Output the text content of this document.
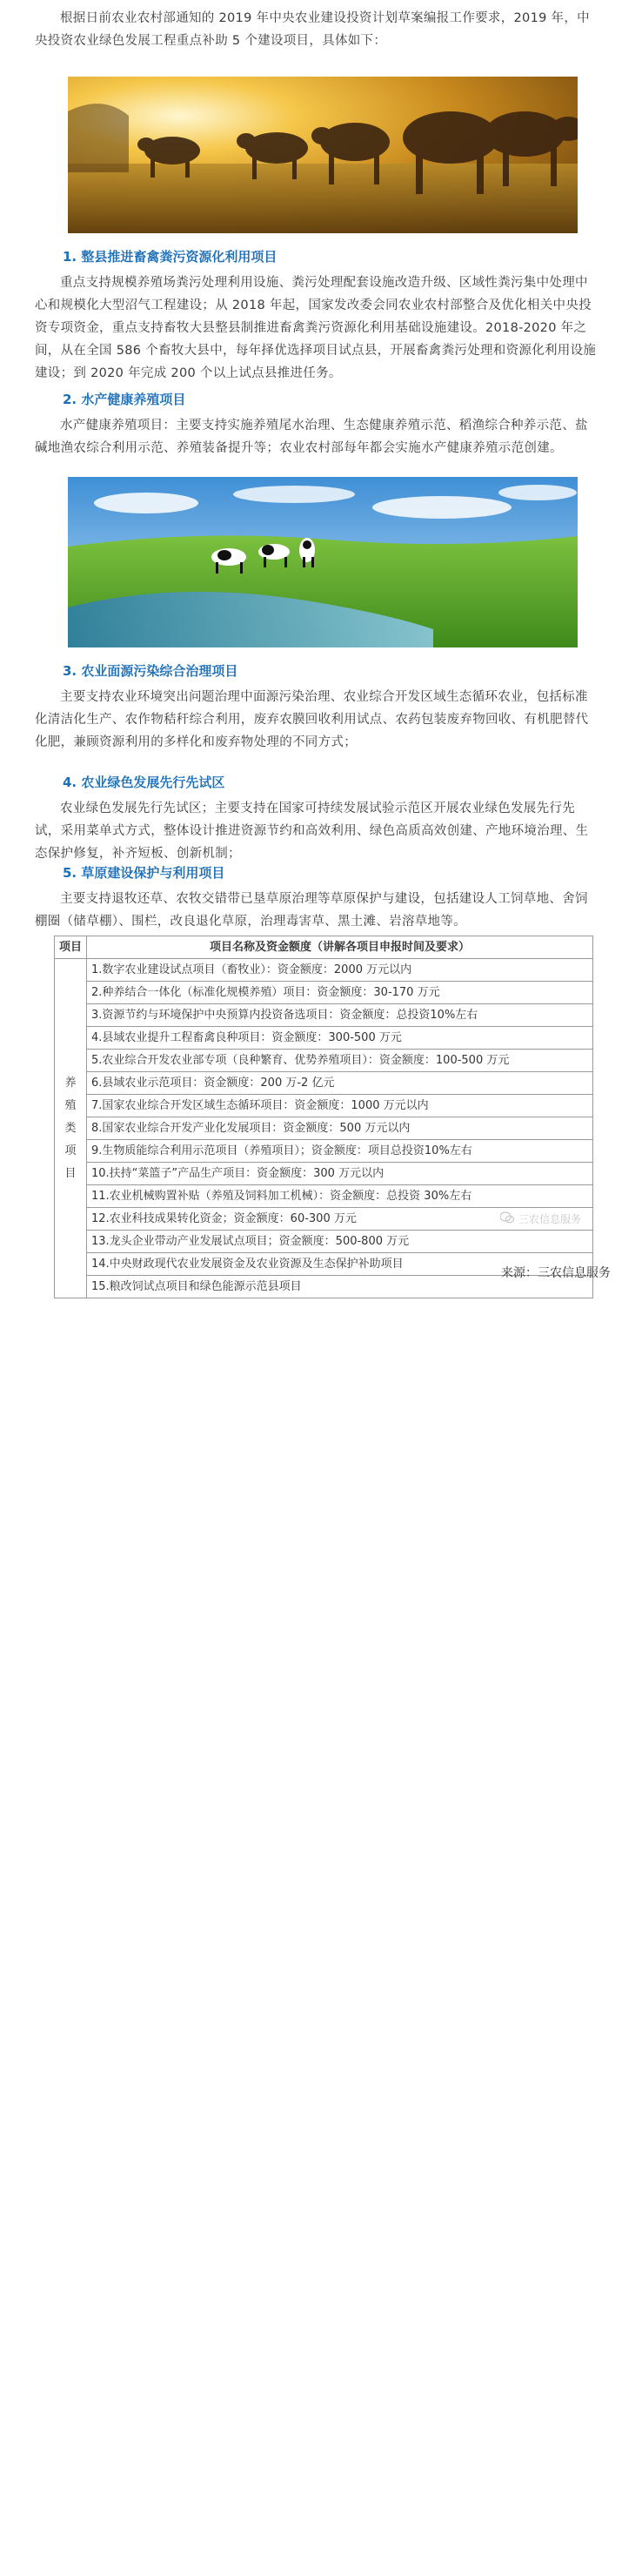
根据日前农业农村部通知的 2019 年中央农业建设投资计划草案编报工作要求，2019 年，中央投资农业绿色发展工程重点补助 5 个建设项目，具体如下：

1. 整县推进畜禽粪污资源化利用项目

重点支持规模养殖场粪污处理利用设施、粪污处理配套设施改造升级、区域性粪污集中处理中心和规模化大型沼气工程建设；从 2018 年起，国家发改委会同农业农村部整合及优化相关中央投资专项资金，重点支持畜牧大县整县制推进畜禽粪污资源化利用基础设施建设。2018-2020 年之间，从在全国 586 个畜牧大县中，每年择优选择项目试点县，开展畜禽粪污处理和资源化利用设施建设；到 2020 年完成 200 个以上试点县推进任务。

2. 水产健康养殖项目

水产健康养殖项目：主要支持实施养殖尾水治理、生态健康养殖示范、稻渔综合种养示范、盐碱地渔农综合利用示范、养殖装备提升等；农业农村部每年都会实施水产健康养殖示范创建。

3. 农业面源污染综合治理项目

主要支持农业环境突出问题治理中面源污染治理、农业综合开发区域生态循环农业，包括标准化清洁化生产、农作物秸秆综合利用，废弃农膜回收利用试点、农药包装废弃物回收、有机肥替代化肥，兼顾资源利用的多样化和废弃物处理的不同方式；

4. 农业绿色发展先行先试区

农业绿色发展先行先试区；主要支持在国家可持续发展试验示范区开展农业绿色发展先行先试，采用菜单式方式，整体设计推进资源节约和高效利用、绿色高质高效创建、产地环境治理、生态保护修复，补齐短板、创新机制；

5. 草原建设保护与利用项目

主要支持退牧还草、农牧交错带已垦草原治理等草原保护与建设，包括建设人工饲草地、舍饲棚圈（储草棚）、围栏，改良退化草原，治理毒害草、黑土滩、岩溶草地等。

项目	项目名称及资金额度（讲解各项目申报时间及要求）

养
殖
类
项
目	1.数字农业建设试点项目（畜牧业）：资金额度：2000 万元以内
	2.种养结合一体化（标准化规模养殖）项目：资金额度：30-170 万元
	3.资源节约与环境保护中央预算内投资备选项目：资金额度：总投资10%左右
	4.县域农业提升工程畜禽良种项目：资金额度：300-500 万元
	5.农业综合开发农业部专项（良种繁育、优势养殖项目）：资金额度：100-500 万元
	6.县域农业示范项目：资金额度：200 万-2 亿元
	7.国家农业综合开发区域生态循环项目：资金额度：1000 万元以内
	8.国家农业综合开发产业化发展项目：资金额度：500 万元以内
	9.生物质能综合利用示范项目（养殖项目）；资金额度：项目总投资10%左右
	10.扶持“菜篮子”产品生产项目：资金额度：300 万元以内
	11.农业机械购置补贴（养殖及饲料加工机械）：资金额度：总投资 30%左右
	12.农业科技成果转化资金；资金额度：60-300 万元
	13.龙头企业带动产业发展试点项目；资金额度：500-800 万元
	14.中央财政现代农业发展资金及农业资源及生态保护补助项目
	15.粮改饲试点项目和绿色能源示范县项目
三农信息服务
来源：三农信息服务
